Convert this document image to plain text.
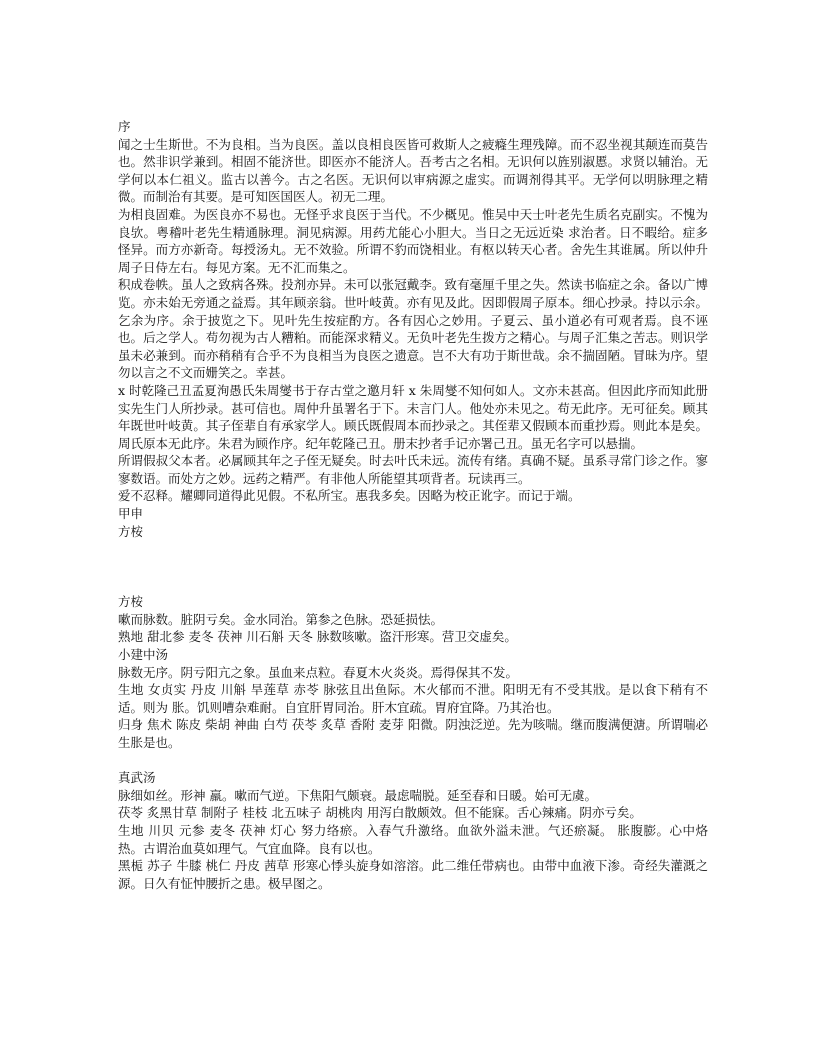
序

闻之士生斯世。不为良相。当为良医。盖以良相良医皆可救斯人之疲癃生理残障。而不忍坐视其颠连而莫告也。然非识学兼到。相固不能济世。即医亦不能济人。吾考古之名相。无识何以旌别淑慝。求贤以辅治。无学何以本仁祖义。监古以善今。古之名医。无识何以审病源之虚实。而调剂得其平。无学何以明脉理之精微。而制治有其要。是可知医国医人。初无二理。

为相良固难。为医良亦不易也。无怪乎求良医于当代。不少概见。惟吴中天士叶老先生质名克副实。不愧为良欤。粤稽叶老先生精通脉理。洞见病源。用药尤能心小胆大。当日之无远近染 求治者。日不暇给。症多怪异。而方亦新奇。每授汤丸。无不效验。所谓不豹而饶相业。有枢以转天心者。舍先生其谁属。所以仲升周子日侍左右。每见方案。无不汇而集之。

积成卷帙。虽人之致病各殊。投剂亦异。未可以张冠戴李。致有毫厘千里之失。然读书临症之余。备以广博览。亦未始无旁通之益焉。其年顾亲翁。世叶岐黄。亦有见及此。因即假周子原本。细心抄录。持以示余。乞余为序。余于披览之下。见叶先生按症酌方。各有因心之妙用。子夏云、虽小道必有可观者焉。良不诬也。后之学人。苟勿视为古人糟粕。而能深求精义。无负叶老先生拨方之精心。与周子汇集之苦志。则识学虽未必兼到。而亦稍稍有合乎不为良相当为良医之遗意。岂不大有功于斯世哉。余不揣固陋。冒昧为序。望勿以言之不文而姗笑之。幸甚。

x 时乾隆己丑孟夏洵愚氏朱周燮书于存古堂之邀月轩 x 朱周燮不知何如人。文亦未甚高。但因此序而知此册实先生门人所抄录。甚可信也。周仲升虽署名于下。未言门人。他处亦未见之。苟无此序。无可征矣。顾其年既世叶岐黄。其子侄辈自有承家学人。顾氏既假周本而抄录之。其侄辈又假顾本而重抄焉。则此本是矣。周氏原本无此序。朱君为顾作序。纪年乾隆己丑。册末抄者手记亦署己丑。虽无名字可以悬揣。

所谓假叔父本者。必属顾其年之子侄无疑矣。时去叶氏未远。流传有绪。真确不疑。虽系寻常门诊之作。寥寥数语。而处方之妙。远药之精严。有非他人所能望其项背者。玩读再三。

爱不忍释。耀卿同道得此见假。不私所宝。惠我多矣。因略为校正讹字。而记于端。

甲申

方桉

方桉

嗽而脉数。脏阴亏矣。金水同治。第参之色脉。恐延损怯。

熟地 甜北参 麦冬 茯神 川石斛 天冬 脉数咳嗽。盗汗形寒。营卫交虚矣。

小建中汤

脉数无序。阴亏阳亢之象。虽血来点粒。春夏木火炎炎。焉得保其不发。

生地 女贞实 丹皮 川斛 旱莲草 赤苓 脉弦且出鱼际。木火郁而不泄。阳明无有不受其戕。是以食下稍有不适。则为 胀。饥则嘈杂难耐。自宜肝胃同治。肝木宜疏。胃府宜降。乃其治也。

归身 焦术 陈皮 柴胡 神曲 白芍 茯苓 炙草 香附 麦芽 阳微。阴浊泛逆。先为咳喘。继而腹满便溏。所谓喘必生胀是也。

真武汤

脉细如丝。形神 羸。嗽而气逆。下焦阳气颇衰。最虑喘脱。延至春和日暖。始可无虞。

茯苓 炙黑甘草 制附子 桂枝 北五味子 胡桃肉 用泻白散颇效。但不能寐。舌心辣痛。阴亦亏矣。

生地 川贝 元参 麦冬 茯神 灯心 努力络瘀。入春气升激络。血欲外溢未泄。气还瘀凝。 胀腹膨。心中烙热。古谓治血莫如理气。气宜血降。良有以也。

黑栀 苏子 牛膝 桃仁 丹皮 茜草 形寒心悸头旋身如溶溶。此二维任带病也。由带中血液下渗。奇经失灌溉之源。日久有怔忡腰折之患。极早图之。
